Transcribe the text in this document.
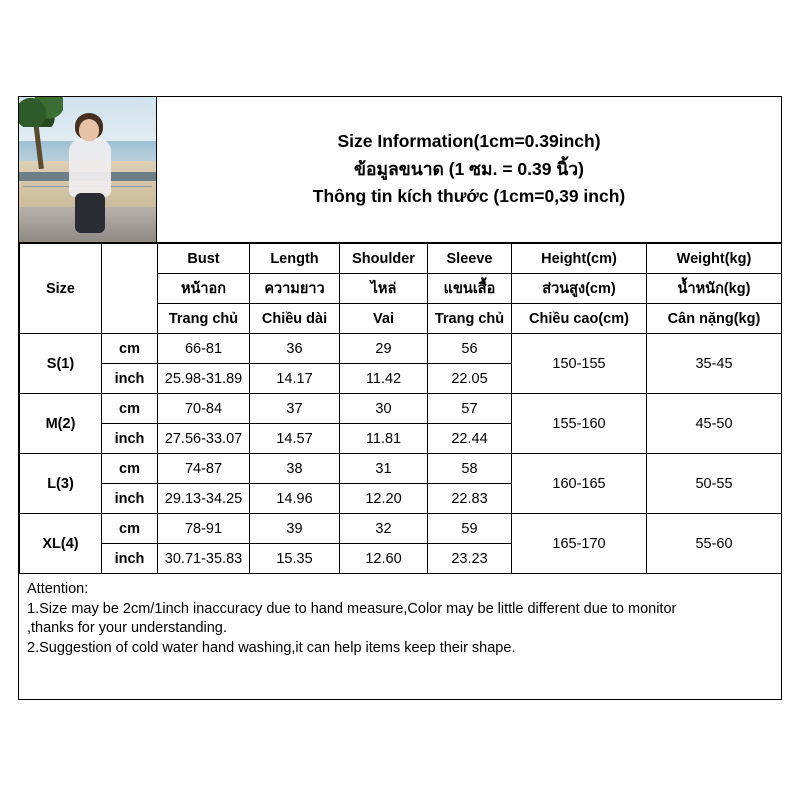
Size Information(1cm=0.39inch)
ข้อมูลขนาด (1 ซม. = 0.39 นิ้ว)
Thông tin kích thước (1cm=0,39 inch)
Size		Bust	Length	Shoulder	Sleeve	Height(cm)	Weight(kg)
		หน้าอก	ความยาว	ไหล่	แขนเสื้อ	ส่วนสูง(cm)	น้ำหนัก(kg)
		Trang chủ	Chiều dài	Vai	Trang chủ	Chiều cao(cm)	Cân nặng(kg)
S(1)	cm	66-81	36	29	56	150-155	35-45
	inch	25.98-31.89	14.17	11.42	22.05		
M(2)	cm	70-84	37	30	57	155-160	45-50
	inch	27.56-33.07	14.57	11.81	22.44		
L(3)	cm	74-87	38	31	58	160-165	50-55
	inch	29.13-34.25	14.96	12.20	22.83		
XL(4)	cm	78-91	39	32	59	165-170	55-60
	inch	30.71-35.83	15.35	12.60	23.23		
Attention:
1.Size may be 2cm/1inch inaccuracy due to hand measure,Color may be little different due to monitor
,thanks for your understanding.
2.Suggestion of cold water hand washing,it can help items keep their shape.
